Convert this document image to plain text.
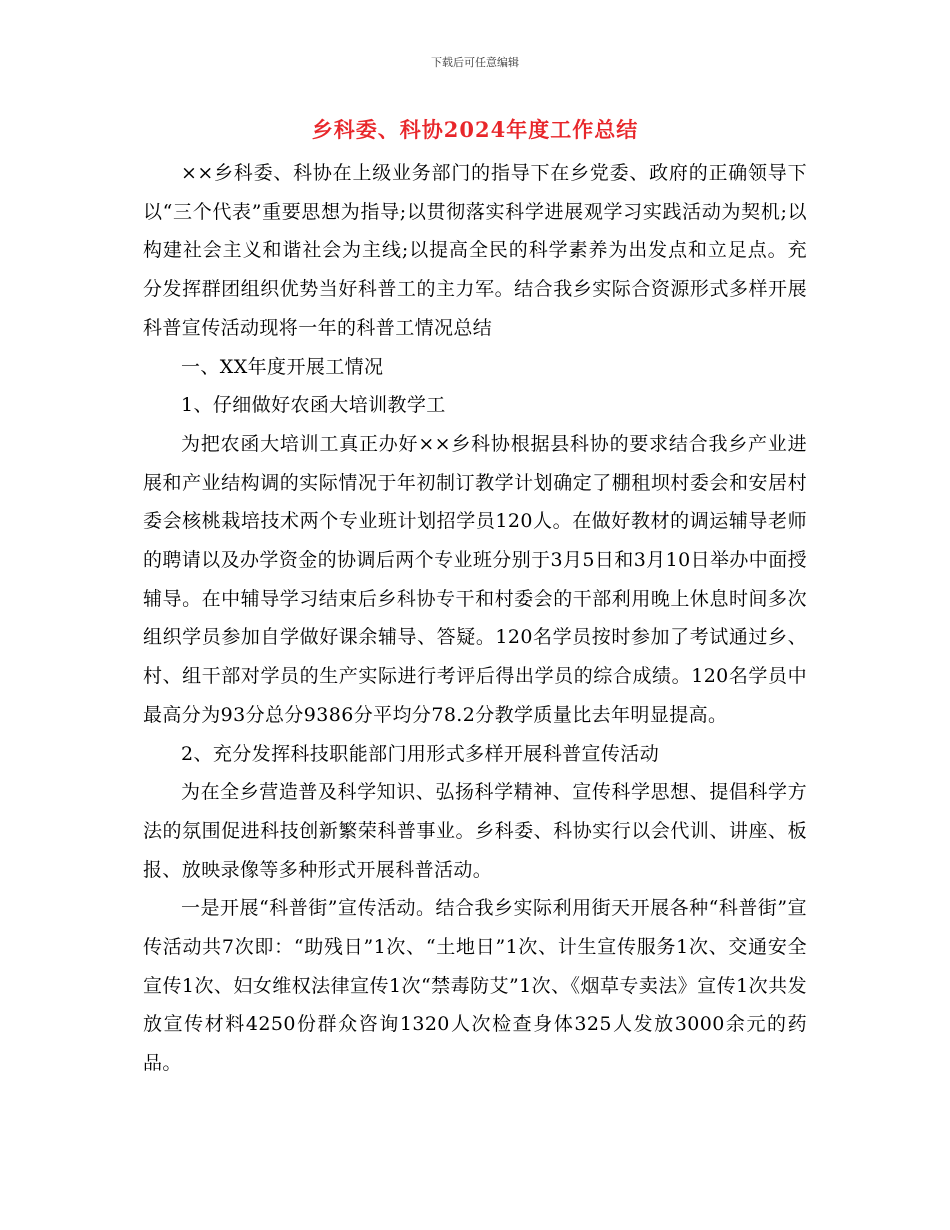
下载后可任意编辑
乡科委、科协2024年度工作总结

××乡科委、科协在上级业务部门的指导下在乡党委、政府的正确领导下以“三个代表”重要思想为指导;以贯彻落实科学进展观学习实践活动为契机;以构建社会主义和谐社会为主线;以提高全民的科学素养为出发点和立足点。充分发挥群团组织优势当好科普工的主力军。结合我乡实际合资源形式多样开展科普宣传活动现将一年的科普工情况总结

一、XX年度开展工情况

1、仔细做好农函大培训教学工

为把农函大培训工真正办好××乡科协根据县科协的要求结合我乡产业进展和产业结构调的实际情况于年初制订教学计划确定了棚租坝村委会和安居村委会核桃栽培技术两个专业班计划招学员120人。在做好教材的调运辅导老师的聘请以及办学资金的协调后两个专业班分别于3月5日和3月10日举办中面授辅导。在中辅导学习结束后乡科协专干和村委会的干部利用晚上休息时间多次组织学员参加自学做好课余辅导、答疑。120名学员按时参加了考试通过乡、村、组干部对学员的生产实际进行考评后得出学员的综合成绩。120名学员中最高分为93分总分9386分平均分78.2分教学质量比去年明显提高。

2、充分发挥科技职能部门用形式多样开展科普宣传活动

为在全乡营造普及科学知识、弘扬科学精神、宣传科学思想、提倡科学方法的氛围促进科技创新繁荣科普事业。乡科委、科协实行以会代训、讲座、板报、放映录像等多种形式开展科普活动。

一是开展“科普街”宣传活动。结合我乡实际利用街天开展各种“科普街”宣传活动共7次即：“助残日”1次、“土地日”1次、计生宣传服务1次、交通安全宣传1次、妇女维权法律宣传1次“禁毒防艾”1次、《烟草专卖法》宣传1次共发放宣传材料4250份群众咨询1320人次检查身体325人发放3000余元的药品。
